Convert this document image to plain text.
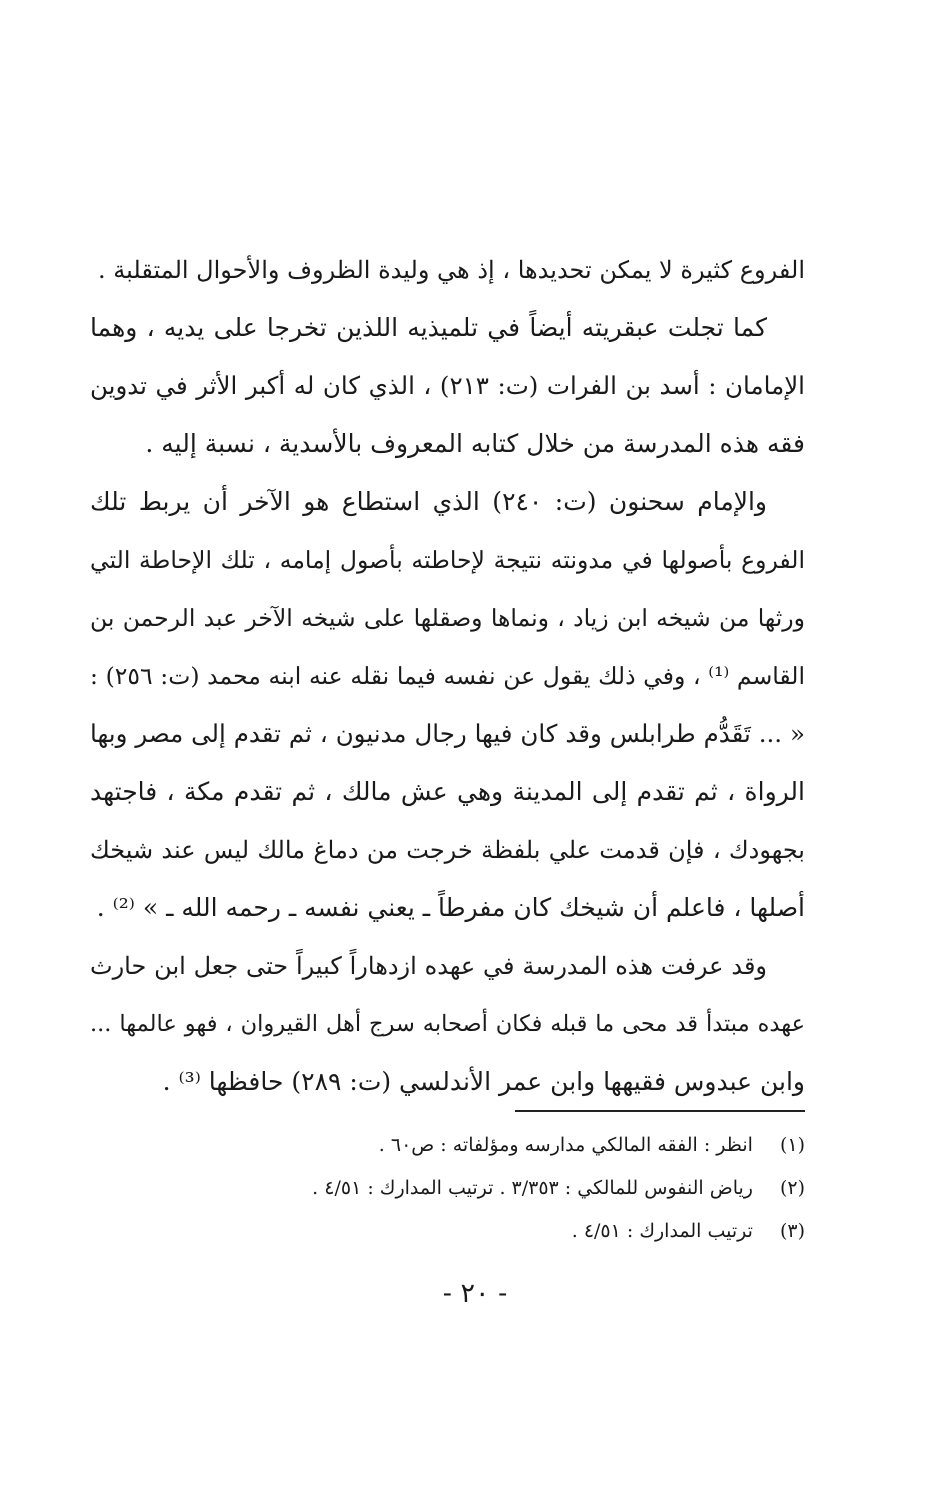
الفروع كثيرة لا يمكن تحديدها ، إذ هي وليدة الظروف والأحوال المتقلبة .
كما تجلت عبقريته أيضاً في تلميذيه اللذين تخرجا على يديه ، وهما
الإمامان : أسد بن الفرات (ت: ٢١٣) ، الذي كان له أكبر الأثر في تدوين
فقه هذه المدرسة من خلال كتابه المعروف بالأسدية ، نسبة إليه .
والإمام سحنون (ت: ٢٤٠) الذي استطاع هو الآخر أن يربط تلك
الفروع بأصولها في مدونته نتيجة لإحاطته بأصول إمامه ، تلك الإحاطة التي
ورثها من شيخه ابن زياد ، ونماها وصقلها على شيخه الآخر عبد الرحمن بن
القاسم ⁽¹⁾ ، وفي ذلك يقول عن نفسه فيما نقله عنه ابنه محمد (ت: ٢٥٦) :
« ... تَقَدُّم طرابلس وقد كان فيها رجال مدنيون ، ثم تقدم إلى مصر وبها
الرواة ، ثم تقدم إلى المدينة وهي عش مالك ، ثم تقدم مكة ، فاجتهد
بجهودك ، فإن قدمت علي بلفظة خرجت من دماغ مالك ليس عند شيخك
أصلها ، فاعلم أن شيخك كان مفرطاً ـ يعني نفسه ـ رحمه الله ـ » ⁽²⁾ .
وقد عرفت هذه المدرسة في عهده ازدهاراً كبيراً حتى جعل ابن حارث
عهده مبتدأ قد محى ما قبله فكان أصحابه سرج أهل القيروان ، فهو عالمها ...
وابن عبدوس فقيهها وابن عمر الأندلسي (ت: ٢٨٩) حافظها ⁽³⁾ .
(١) انظر : الفقه المالكي مدارسه ومؤلفاته : ص٦٠ .
(٢) رياض النفوس للمالكي : ٣/٣٥٣ . ترتيب المدارك : ٤/٥١ .
(٣) ترتيب المدارك : ٤/٥١ .
- ٢٠ -
